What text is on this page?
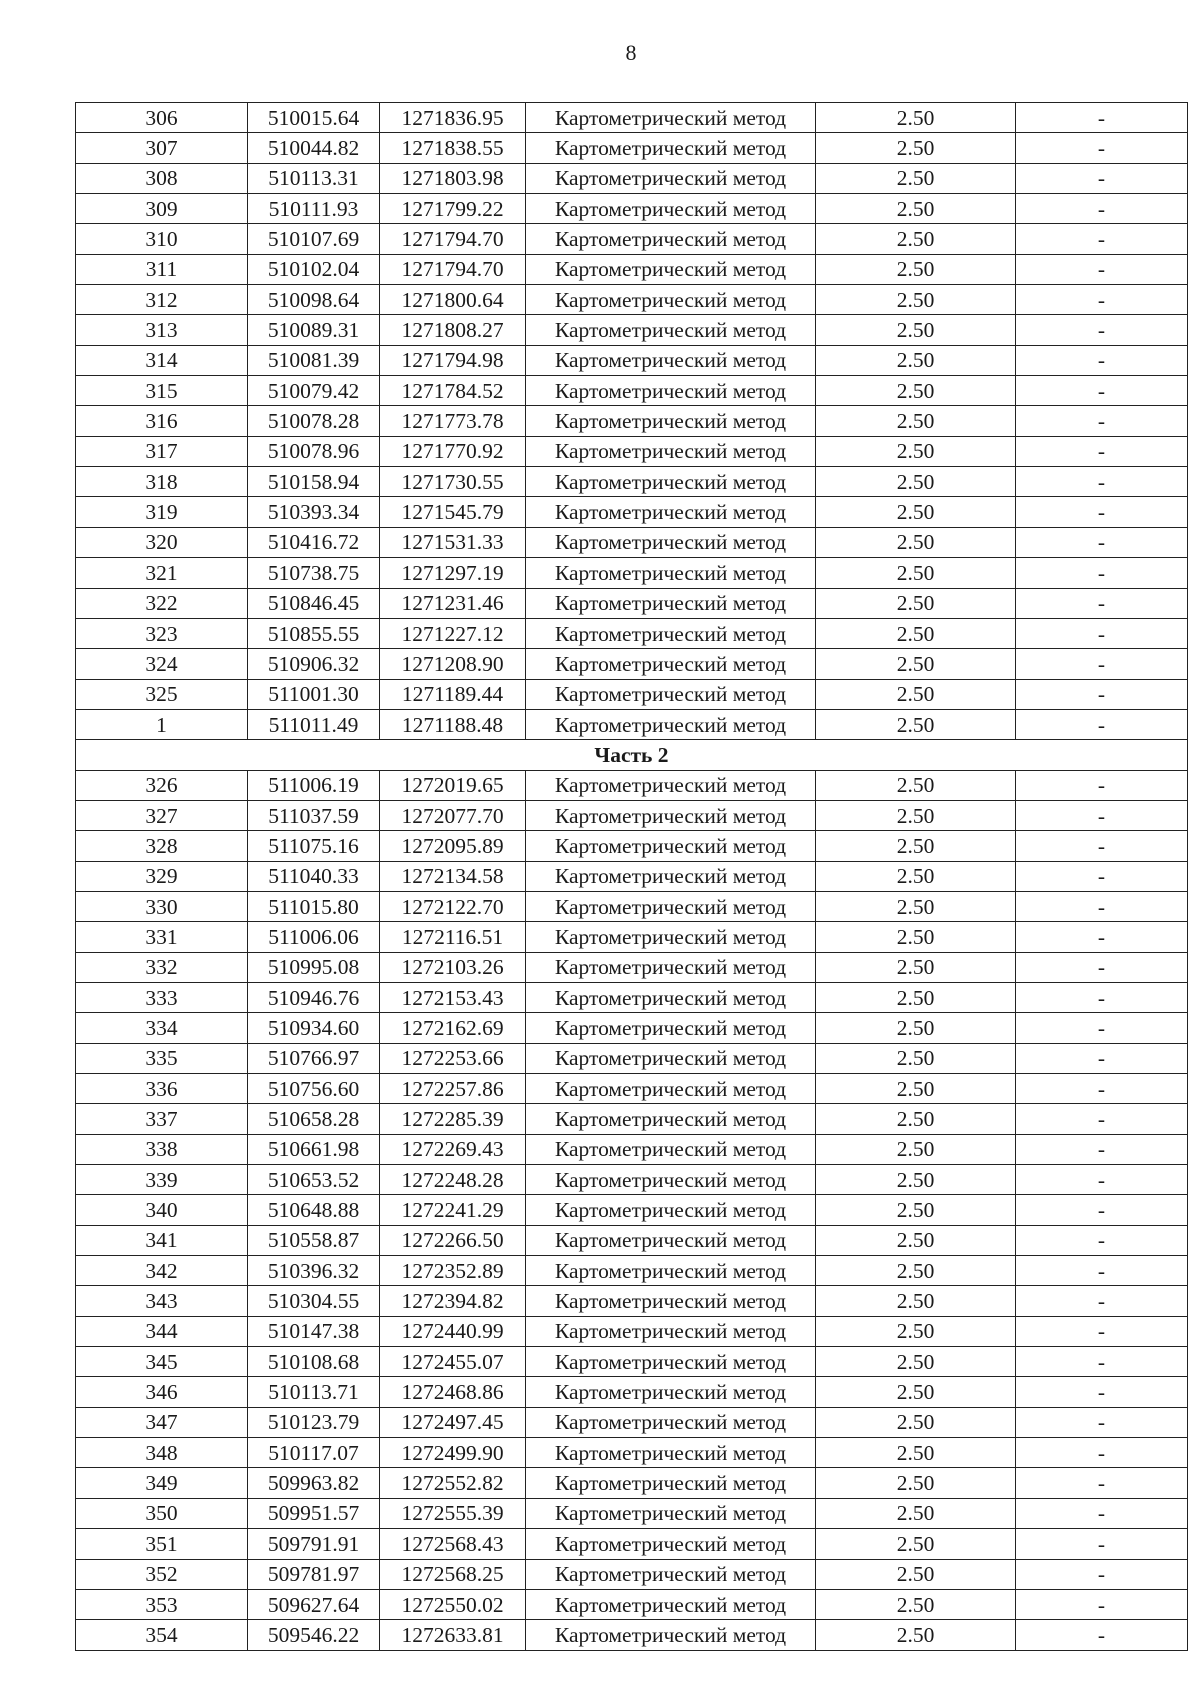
8
306	510015.64	1271836.95	Картометрический метод	2.50	-
307	510044.82	1271838.55	Картометрический метод	2.50	-
308	510113.31	1271803.98	Картометрический метод	2.50	-
309	510111.93	1271799.22	Картометрический метод	2.50	-
310	510107.69	1271794.70	Картометрический метод	2.50	-
311	510102.04	1271794.70	Картометрический метод	2.50	-
312	510098.64	1271800.64	Картометрический метод	2.50	-
313	510089.31	1271808.27	Картометрический метод	2.50	-
314	510081.39	1271794.98	Картометрический метод	2.50	-
315	510079.42	1271784.52	Картометрический метод	2.50	-
316	510078.28	1271773.78	Картометрический метод	2.50	-
317	510078.96	1271770.92	Картометрический метод	2.50	-
318	510158.94	1271730.55	Картометрический метод	2.50	-
319	510393.34	1271545.79	Картометрический метод	2.50	-
320	510416.72	1271531.33	Картометрический метод	2.50	-
321	510738.75	1271297.19	Картометрический метод	2.50	-
322	510846.45	1271231.46	Картометрический метод	2.50	-
323	510855.55	1271227.12	Картометрический метод	2.50	-
324	510906.32	1271208.90	Картометрический метод	2.50	-
325	511001.30	1271189.44	Картометрический метод	2.50	-
1	511011.49	1271188.48	Картометрический метод	2.50	-
Часть 2					
326	511006.19	1272019.65	Картометрический метод	2.50	-
327	511037.59	1272077.70	Картометрический метод	2.50	-
328	511075.16	1272095.89	Картометрический метод	2.50	-
329	511040.33	1272134.58	Картометрический метод	2.50	-
330	511015.80	1272122.70	Картометрический метод	2.50	-
331	511006.06	1272116.51	Картометрический метод	2.50	-
332	510995.08	1272103.26	Картометрический метод	2.50	-
333	510946.76	1272153.43	Картометрический метод	2.50	-
334	510934.60	1272162.69	Картометрический метод	2.50	-
335	510766.97	1272253.66	Картометрический метод	2.50	-
336	510756.60	1272257.86	Картометрический метод	2.50	-
337	510658.28	1272285.39	Картометрический метод	2.50	-
338	510661.98	1272269.43	Картометрический метод	2.50	-
339	510653.52	1272248.28	Картометрический метод	2.50	-
340	510648.88	1272241.29	Картометрический метод	2.50	-
341	510558.87	1272266.50	Картометрический метод	2.50	-
342	510396.32	1272352.89	Картометрический метод	2.50	-
343	510304.55	1272394.82	Картометрический метод	2.50	-
344	510147.38	1272440.99	Картометрический метод	2.50	-
345	510108.68	1272455.07	Картометрический метод	2.50	-
346	510113.71	1272468.86	Картометрический метод	2.50	-
347	510123.79	1272497.45	Картометрический метод	2.50	-
348	510117.07	1272499.90	Картометрический метод	2.50	-
349	509963.82	1272552.82	Картометрический метод	2.50	-
350	509951.57	1272555.39	Картометрический метод	2.50	-
351	509791.91	1272568.43	Картометрический метод	2.50	-
352	509781.97	1272568.25	Картометрический метод	2.50	-
353	509627.64	1272550.02	Картометрический метод	2.50	-
354	509546.22	1272633.81	Картометрический метод	2.50	-
